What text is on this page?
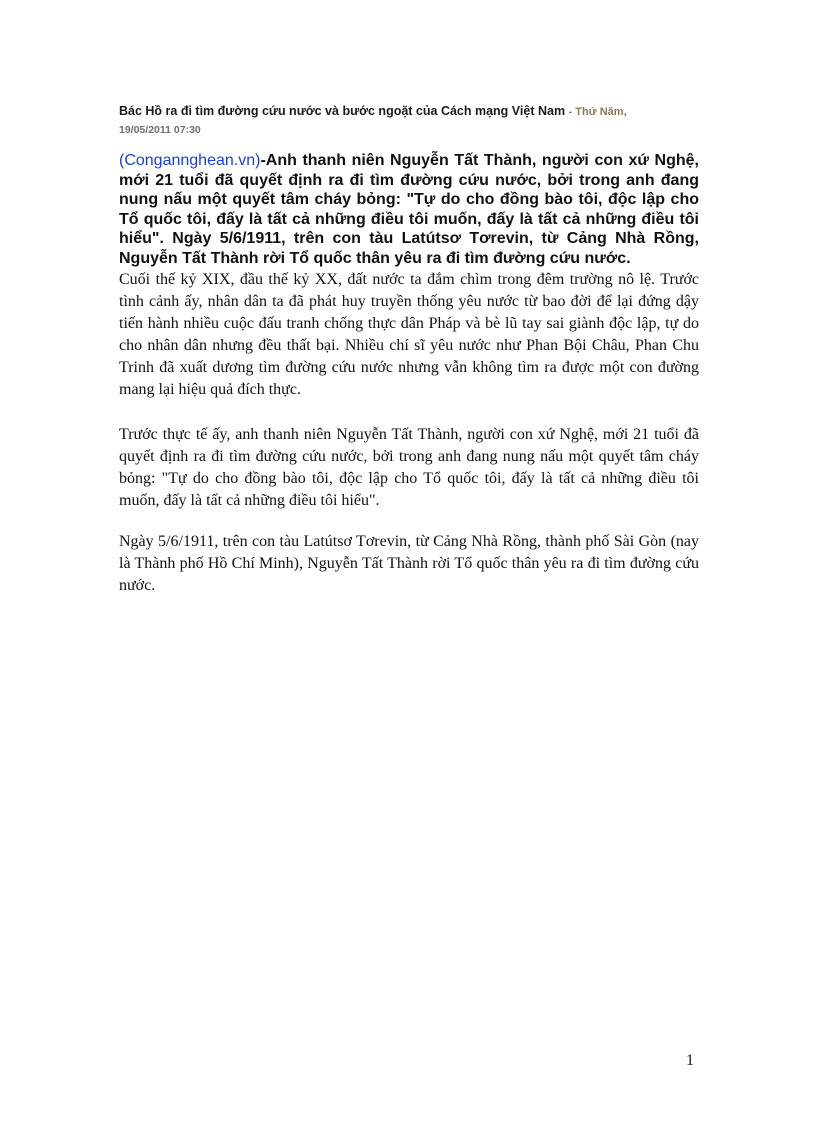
Bác Hồ ra đi tìm đường cứu nước và bước ngoặt của Cách mạng Việt Nam - Thứ Năm,
19/05/2011 07:30
(Congannghean.vn)-Anh thanh niên Nguyễn Tất Thành, người con xứ Nghệ, mới 21 tuổi đã quyết định ra đi tìm đường cứu nước, bởi trong anh đang nung nấu một quyết tâm cháy bỏng: "Tự do cho đồng bào tôi, độc lập cho Tổ quốc tôi, đấy là tất cả những điều tôi muốn, đấy là tất cả những điều tôi hiểu". Ngày 5/6/1911, trên con tàu Latútsơ Tơrevin, từ Cảng Nhà Rồng, Nguyễn Tất Thành rời Tổ quốc thân yêu ra đi tìm đường cứu nước.

Cuối thế kỷ XIX, đầu thế kỷ XX, đất nước ta đắm chìm trong đêm trường nô lệ. Trước tình cảnh ấy, nhân dân ta đã phát huy truyền thống yêu nước từ bao đời để lại đứng dậy tiến hành nhiều cuộc đấu tranh chống thực dân Pháp và bè lũ tay sai giành độc lập, tự do cho nhân dân nhưng đều thất bại. Nhiều chí sĩ yêu nước như Phan Bội Châu, Phan Chu Trinh đã xuất dương tìm đường cứu nước nhưng vẫn không tìm ra được một con đường mang lại hiệu quả đích thực.

Trước thực tế ấy, anh thanh niên Nguyễn Tất Thành, người con xứ Nghệ, mới 21 tuổi đã quyết định ra đi tìm đường cứu nước, bởi trong anh đang nung nấu một quyết tâm cháy bỏng: "Tự do cho đồng bào tôi, độc lập cho Tổ quốc tôi, đấy là tất cả những điều tôi muốn, đấy là tất cả những điều tôi hiểu".

Ngày 5/6/1911, trên con tàu Latútsơ Tơrevin, từ Cảng Nhà Rồng, thành phố Sài Gòn (nay là Thành phố Hồ Chí Minh), Nguyễn Tất Thành rời Tổ quốc thân yêu ra đi tìm đường cứu nước.

1
